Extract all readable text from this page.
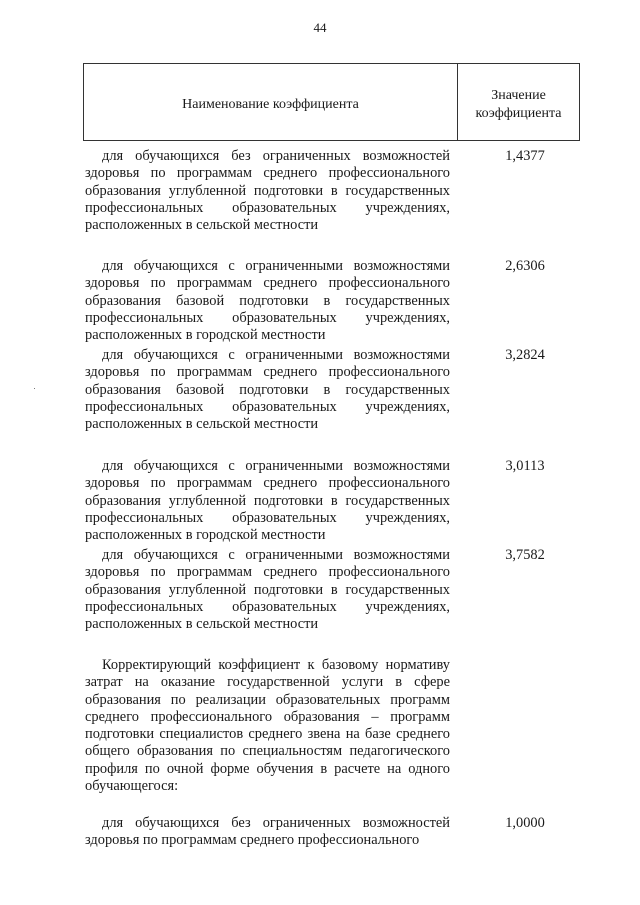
44
Наименование коэффициента
Значение
коэффициента
для обучающихся без ограниченных возможностей здоровья по программам среднего профессионального образования углубленной подготовки в государственных профессиональных образовательных учреждениях, расположенных в сельской местности
1,4377
для обучающихся с ограниченными возможностями здоровья по программам среднего профессионального образования базовой подготовки в государственных профессиональных образовательных учреждениях, расположенных в городской местности
2,6306
для обучающихся с ограниченными возможностями здоровья по программам среднего профессионального образования базовой подготовки в государственных профессиональных образовательных учреждениях, расположенных в сельской местности
3,2824
для обучающихся с ограниченными возможностями здоровья по программам среднего профессионального образования углубленной подготовки в государственных профессиональных образовательных учреждениях, расположенных в городской местности
3,0113
для обучающихся с ограниченными возможностями здоровья по программам среднего профессионального образования углубленной подготовки в государственных профессиональных образовательных учреждениях, расположенных в сельской местности
3,7582
Корректирующий коэффициент к базовому нормативу затрат на оказание государственной услуги в сфере образования по реализации образовательных программ среднего профессионального образования – программ подготовки специалистов среднего звена на базе среднего общего образования по специальностям педагогического профиля по очной форме обучения в расчете на одного обучающегося:
для обучающихся без ограниченных возможностей здоровья по программам среднего профессионального
1,0000
